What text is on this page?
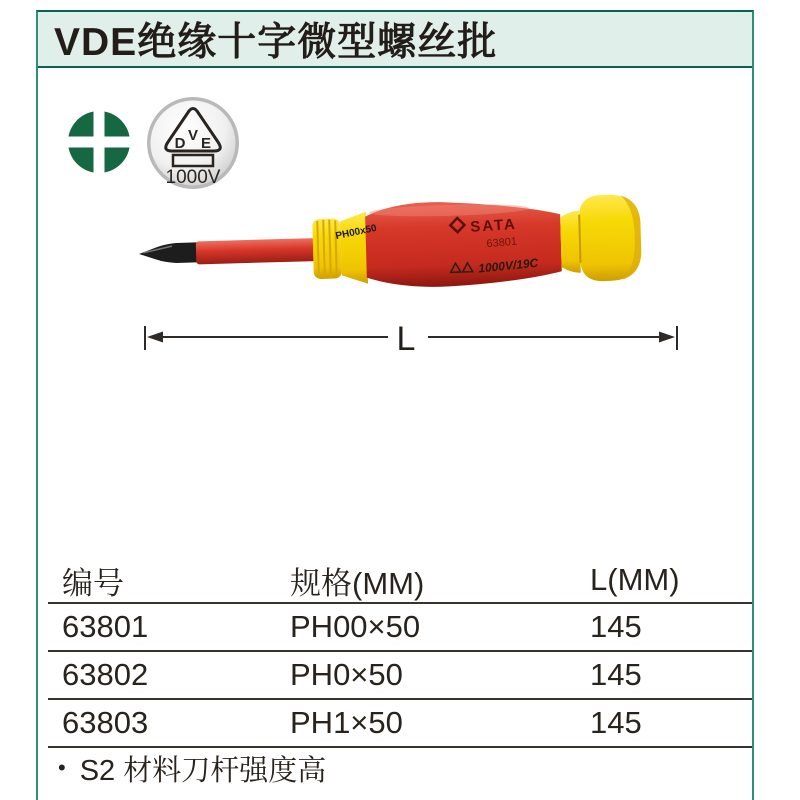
VDE绝缘十字微型螺丝批
D V E
1000V
PH00x50	SATA
63801
1000V/19C
L
编号	规格(MM)	L(MM)
63801	PH00×50	145
63802	PH0×50	145
63803	PH1×50	145
• S2 材料刀杆强度高
